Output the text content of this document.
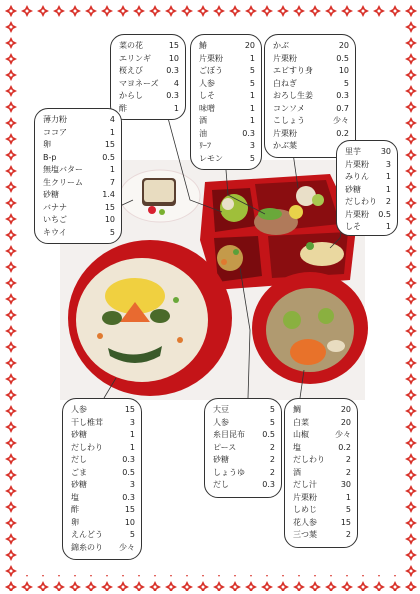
菜の花	15
エリンギ	10
桜えび	0.3
マヨネーズ	4
からし	0.3
酢	1
鰆	20
片栗粉	1
ごぼう	5
人参	5
しそ	1
味噌	1
酒	1
油	0.3
ﾘｰﾌ	3
レモン	5
かぶ	20
片栗粉	0.5
エビすり身	10
白ねぎ	5
おろし生姜	0.3
コンソメ	0.7
こしょう	少々
片栗粉	0.2
かぶ葉
薄力粉	4
ココア	1
卵	15
B-p	0.5
無塩バター	1
生クリーム	7
砂糖	1.4
バナナ	15
いちご	10
キウイ	5
里芋	30
片栗粉	3
みりん	1
砂糖	1
だしわり	2
片栗粉	0.5
しそ	1
人参	15
干し椎茸	3
砂糖	1
だしわり	1
だし	0.3
ごま	0.5
砂糖	3
塩	0.3
酢	15
卵	10
えんどう	5
錦糸のり	少々
大豆	5
人参	5
糸目昆布	0.5
ピース	2
砂糖	2
しょうゆ	2
だし	0.3
鯛	20
白菜	20
山椒	少々
塩	0.2
だしわり	2
酒	2
だし汁	30
片栗粉	1
しめじ	5
花人参	15
三つ葉	2
